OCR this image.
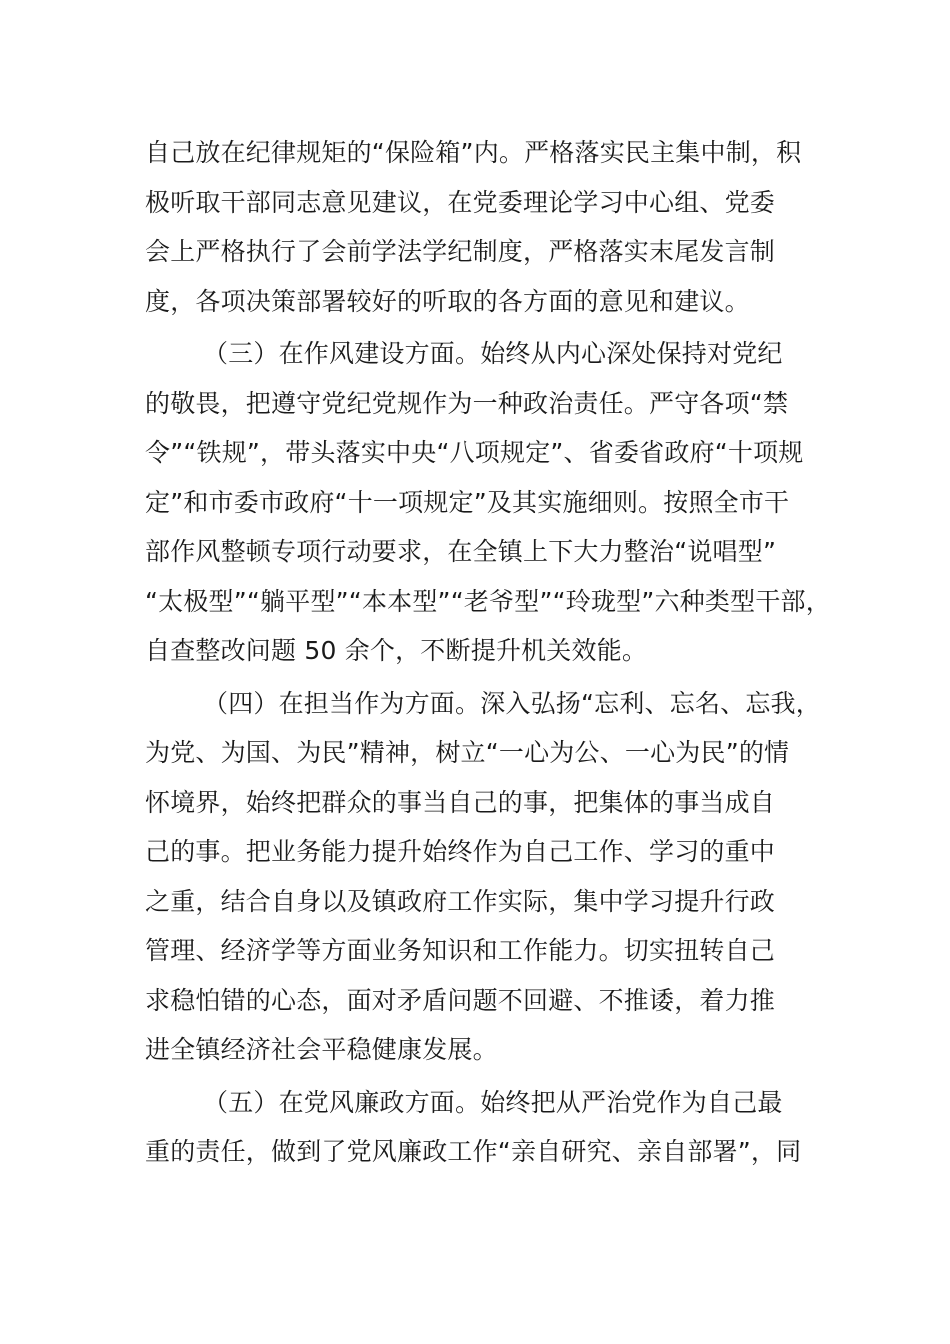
自己放在纪律规矩的“保险箱”内。严格落实民主集中制，积
极听取干部同志意见建议，在党委理论学习中心组、党委
会上严格执行了会前学法学纪制度，严格落实末尾发言制
度，各项决策部署较好的听取的各方面的意见和建议。
（三）在作风建设方面。始终从内心深处保持对党纪
的敬畏，把遵守党纪党规作为一种政治责任。严守各项“禁
令”“铁规”，带头落实中央“八项规定”、省委省政府“十项规
定”和市委市政府“十一项规定”及其实施细则。按照全市干
部作风整顿专项行动要求，在全镇上下大力整治“说唱型”
“太极型”“躺平型”“本本型”“老爷型”“玲珑型”六种类型干部，
自查整改问题 50 余个，不断提升机关效能。
（四）在担当作为方面。深入弘扬“忘利、忘名、忘我，
为党、为国、为民”精神，树立“一心为公、一心为民”的情
怀境界，始终把群众的事当自己的事，把集体的事当成自
己的事。把业务能力提升始终作为自己工作、学习的重中
之重，结合自身以及镇政府工作实际，集中学习提升行政
管理、经济学等方面业务知识和工作能力。切实扭转自己
求稳怕错的心态，面对矛盾问题不回避、不推诿，着力推
进全镇经济社会平稳健康发展。
（五）在党风廉政方面。始终把从严治党作为自己最
重的责任，做到了党风廉政工作“亲自研究、亲自部署”，同
